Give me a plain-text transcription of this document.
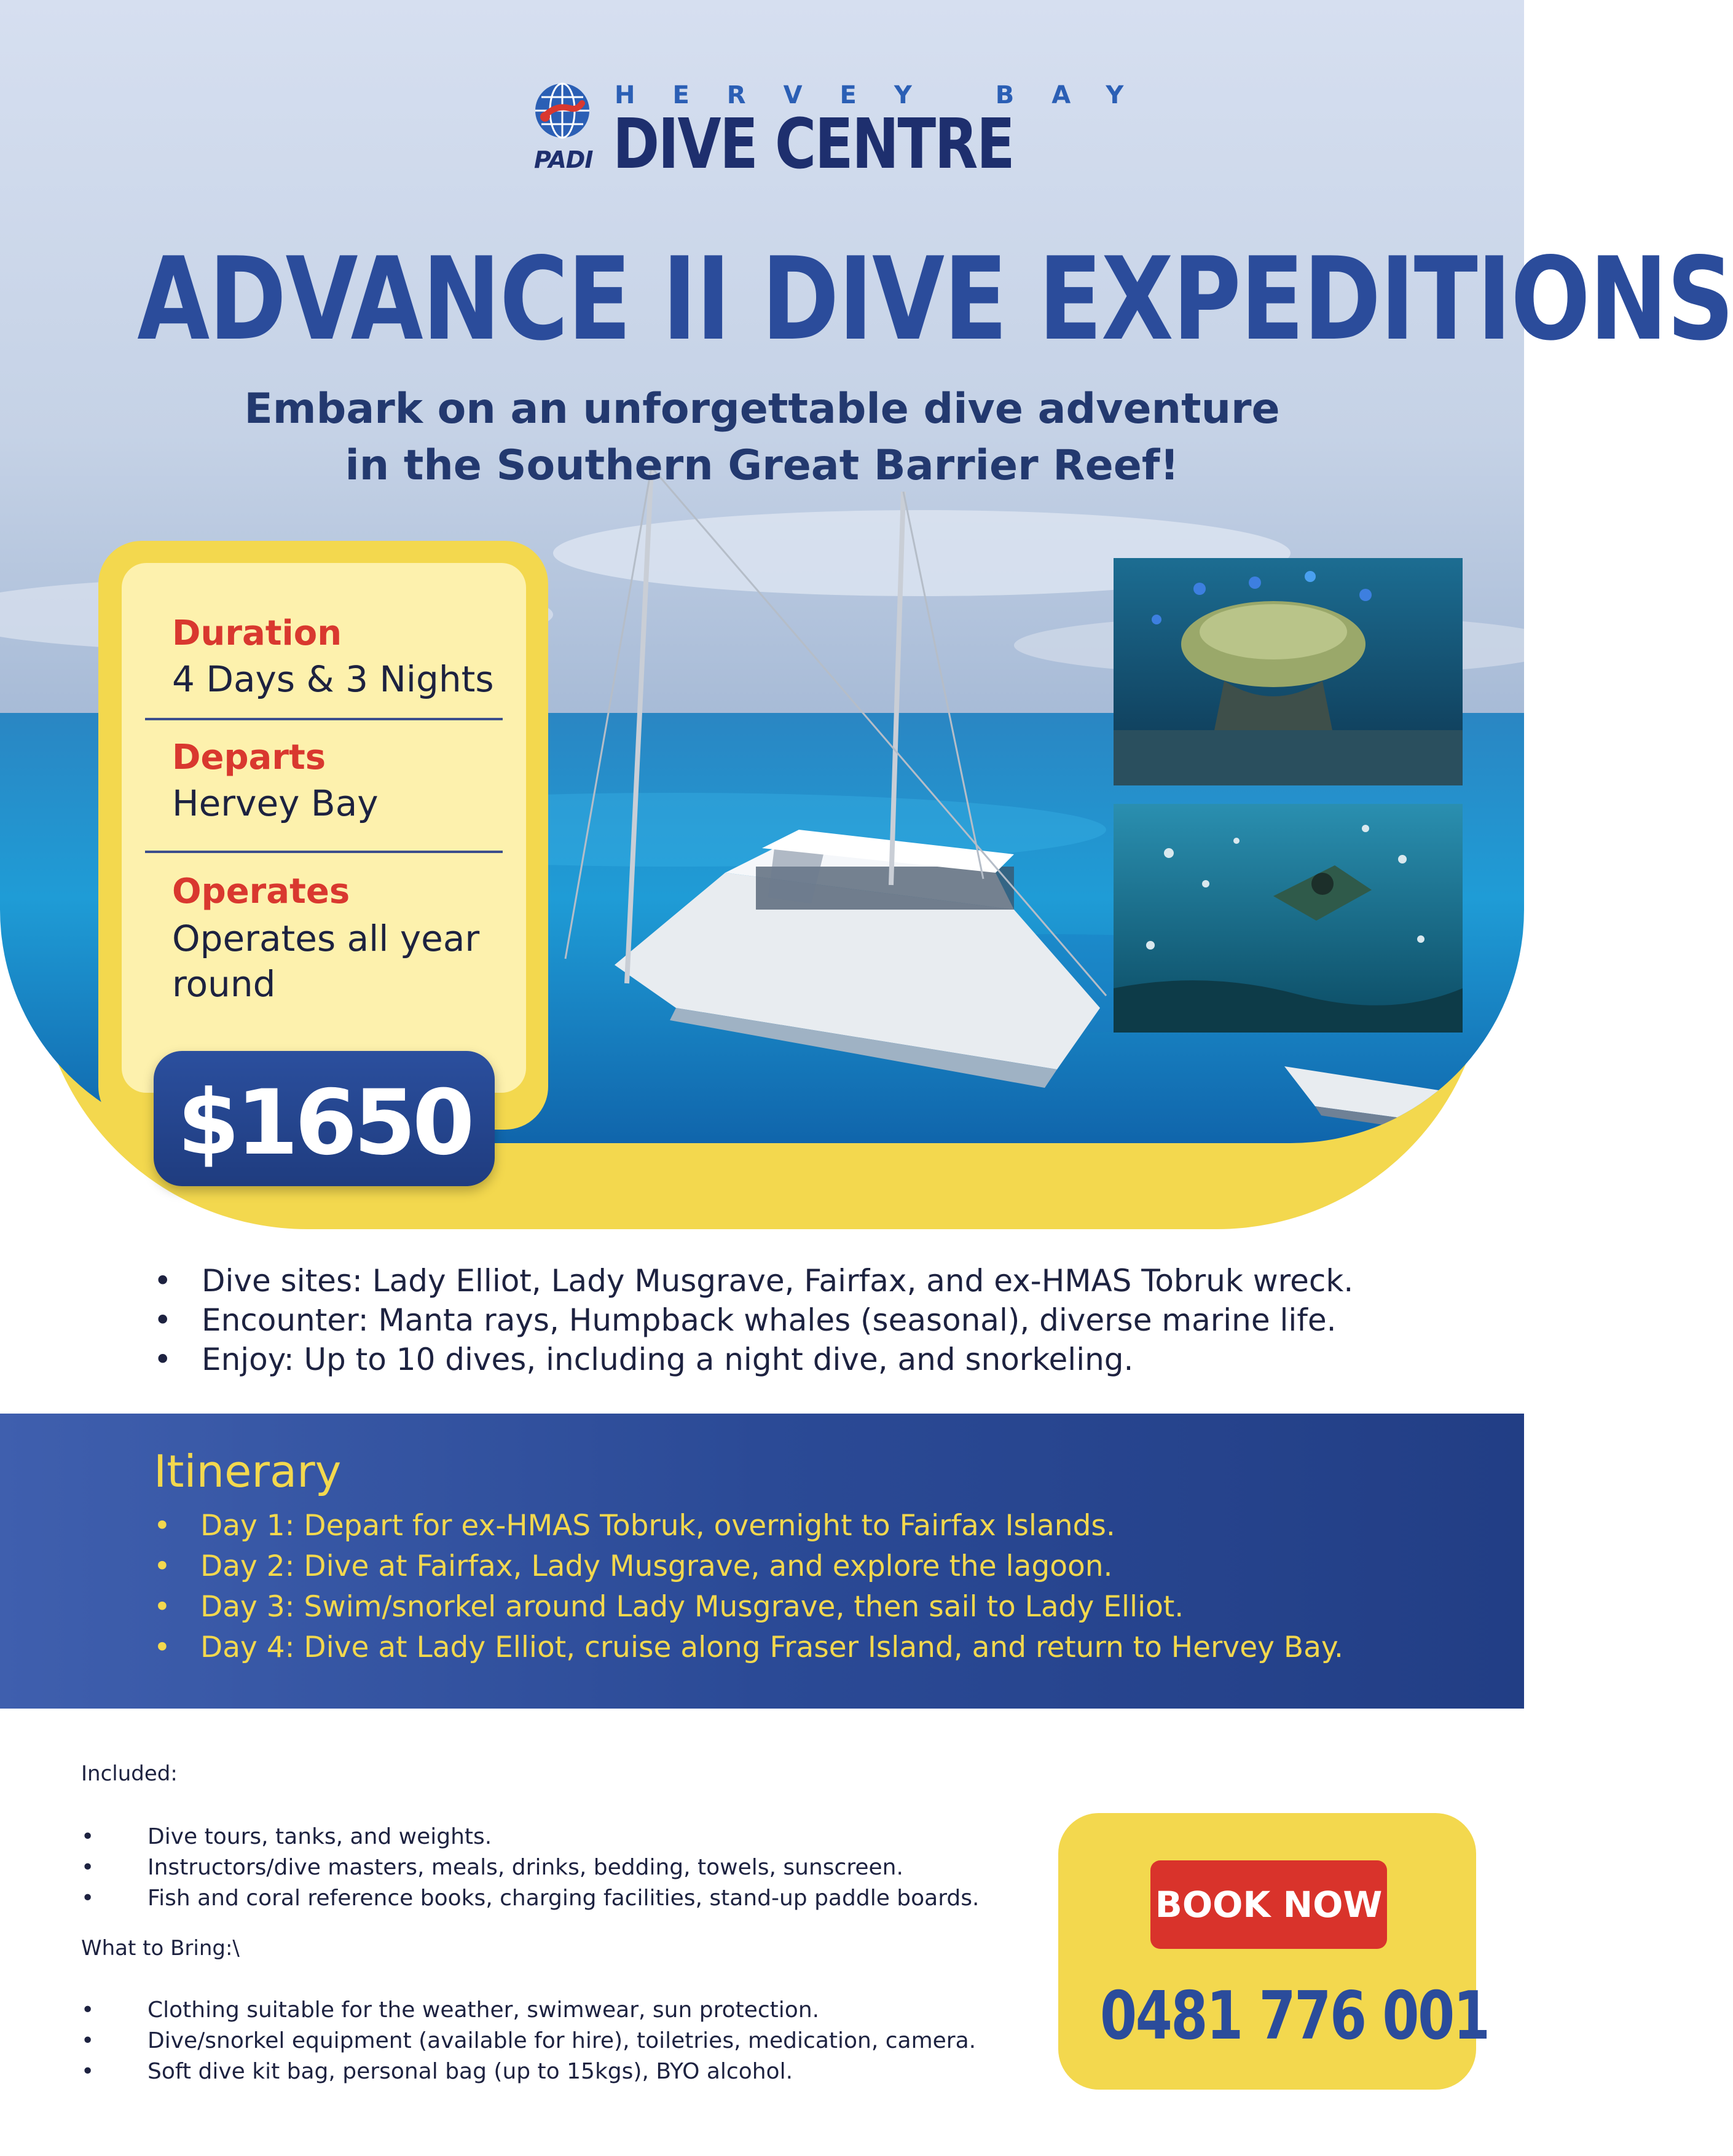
PADI
HERVEY BAY
DIVE CENTRE
ADVANCE II DIVE EXPEDITIONS
Embark on an unforgettable dive adventure
in the Southern Great Barrier Reef!
Duration
4 Days & 3 Nights
Departs
Hervey Bay
Operates
Operates all year round
$1650
• Dive sites: Lady Elliot, Lady Musgrave, Fairfax, and ex-HMAS Tobruk wreck.
• Encounter: Manta rays, Humpback whales (seasonal), diverse marine life.
• Enjoy: Up to 10 dives, including a night dive, and snorkeling.
Itinerary
• Day 1: Depart for ex-HMAS Tobruk, overnight to Fairfax Islands.
• Day 2: Dive at Fairfax, Lady Musgrave, and explore the lagoon.
• Day 3: Swim/snorkel around Lady Musgrave, then sail to Lady Elliot.
• Day 4: Dive at Lady Elliot, cruise along Fraser Island, and return to Hervey Bay.
Included:
• Dive tours, tanks, and weights.
• Instructors/dive masters, meals, drinks, bedding, towels, sunscreen.
• Fish and coral reference books, charging facilities, stand-up paddle boards.
What to Bring:\
• Clothing suitable for the weather, swimwear, sun protection.
• Dive/snorkel equipment (available for hire), toiletries, medication, camera.
• Soft dive kit bag, personal bag (up to 15kgs), BYO alcohol.
BOOK NOW
0481 776 001
